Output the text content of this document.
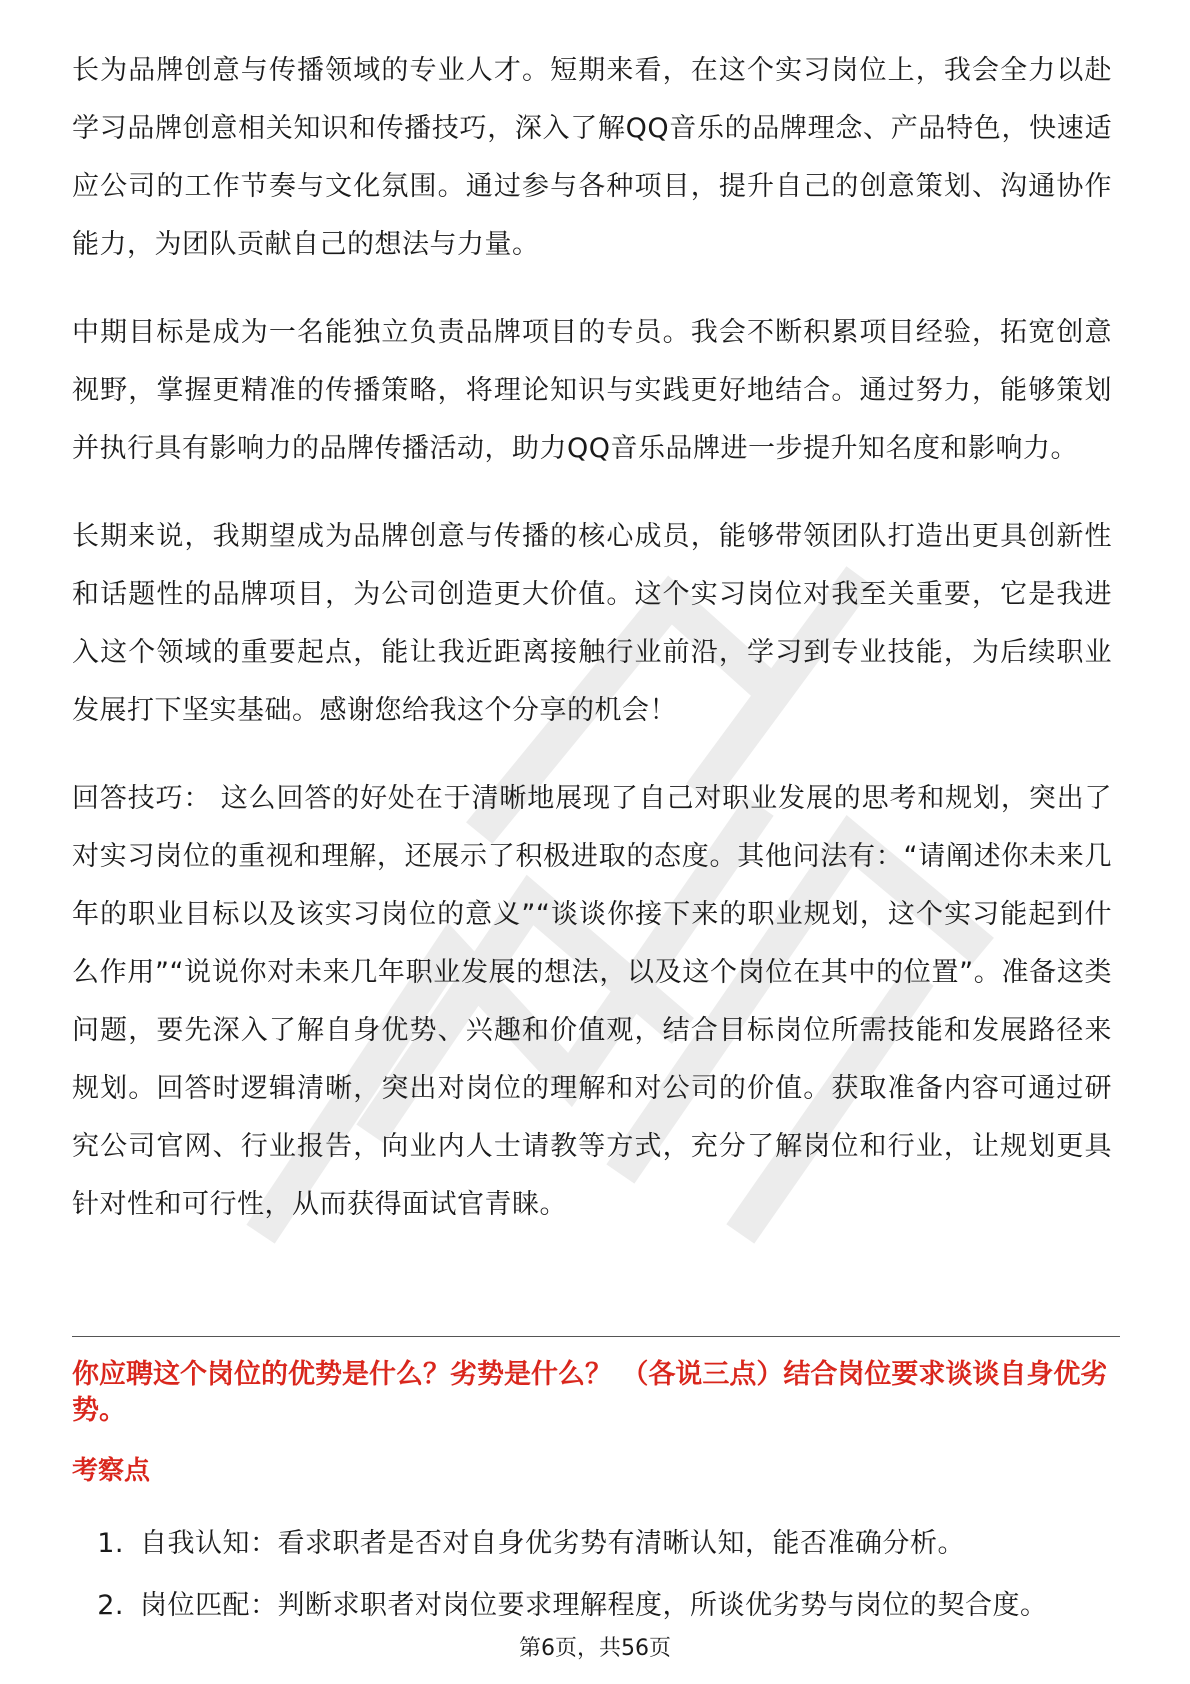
长为品牌创意与传播领域的专业人才。短期来看，在这个实习岗位上，我会全力以赴学习品牌创意相关知识和传播技巧，深入了解QQ音乐的品牌理念、产品特色，快速适应公司的工作节奏与文化氛围。通过参与各种项目，提升自己的创意策划、沟通协作能力，为团队贡献自己的想法与力量。

中期目标是成为一名能独立负责品牌项目的专员。我会不断积累项目经验，拓宽创意视野，掌握更精准的传播策略，将理论知识与实践更好地结合。通过努力，能够策划并执行具有影响力的品牌传播活动，助力QQ音乐品牌进一步提升知名度和影响力。

长期来说，我期望成为品牌创意与传播的核心成员，能够带领团队打造出更具创新性和话题性的品牌项目，为公司创造更大价值。这个实习岗位对我至关重要，它是我进入这个领域的重要起点，能让我近距离接触行业前沿，学习到专业技能，为后续职业发展打下坚实基础。感谢您给我这个分享的机会！

回答技巧： 这么回答的好处在于清晰地展现了自己对职业发展的思考和规划，突出了对实习岗位的重视和理解，还展示了积极进取的态度。其他问法有：“请阐述你未来几年的职业目标以及该实习岗位的意义”“谈谈你接下来的职业规划，这个实习能起到什么作用”“说说你对未来几年职业发展的想法，以及这个岗位在其中的位置”。准备这类问题，要先深入了解自身优势、兴趣和价值观，结合目标岗位所需技能和发展路径来规划。回答时逻辑清晰，突出对岗位的理解和对公司的价值。获取准备内容可通过研究公司官网、行业报告，向业内人士请教等方式，充分了解岗位和行业，让规划更具针对性和可行性，从而获得面试官青睐。

你应聘这个岗位的优势是什么？劣势是什么？ （各说三点）结合岗位要求谈谈自身优劣势。
考察点
1. 自我认知：看求职者是否对自身优劣势有清晰认知，能否准确分析。
2. 岗位匹配：判断求职者对岗位要求理解程度，所谈优劣势与岗位的契合度。
第6页，共56页
